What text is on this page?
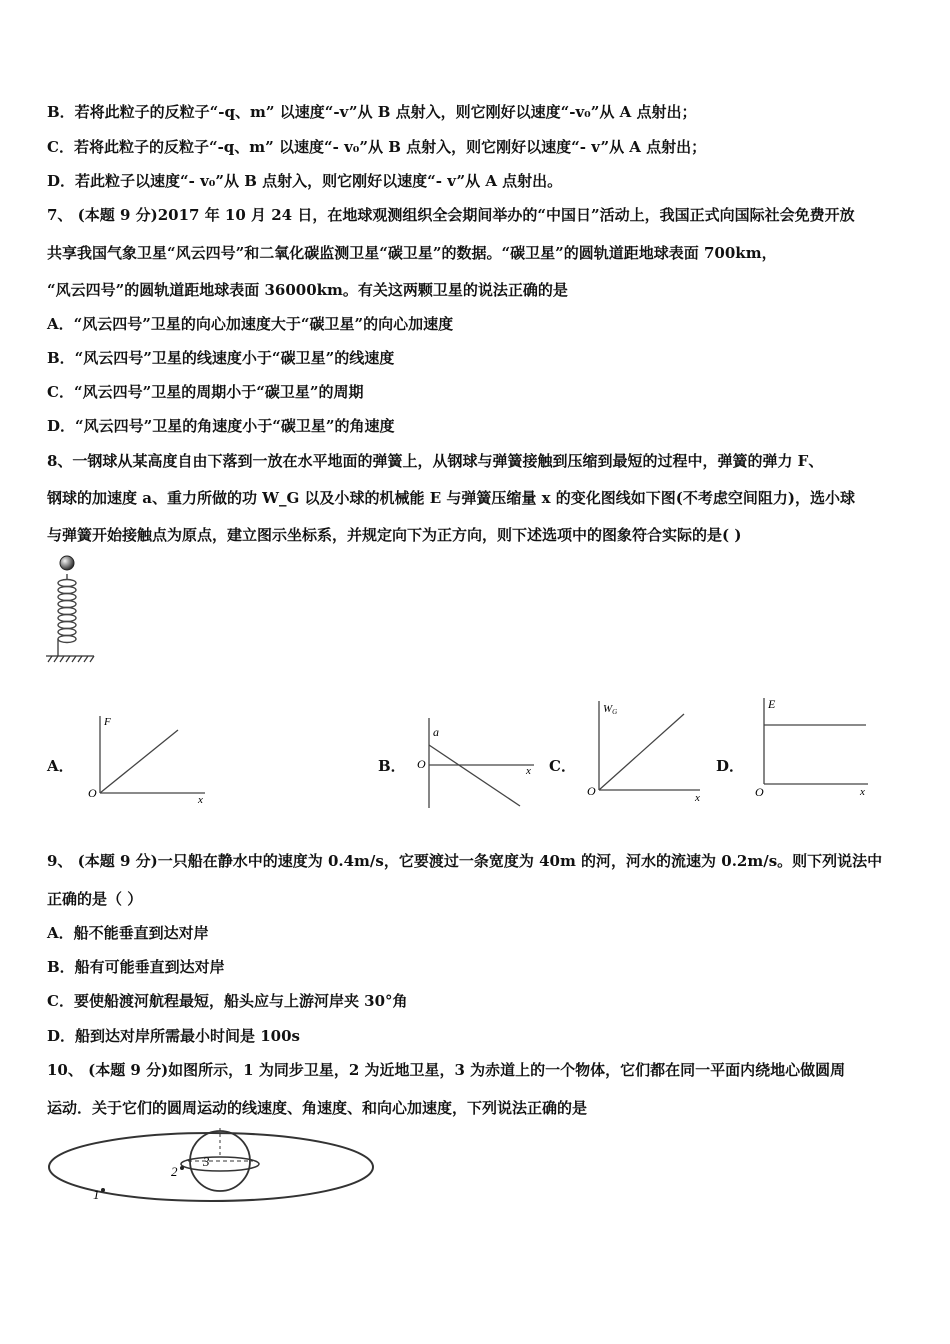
B．若将此粒子的反粒子“-q、m” 以速度“-v”从 B 点射入，则它刚好以速度“-v₀”从 A 点射出；
C．若将此粒子的反粒子“-q、m” 以速度“- v₀”从 B 点射入，则它刚好以速度“- v”从 A 点射出；
D．若此粒子以速度“- v₀”从 B 点射入，则它刚好以速度“- v”从 A 点射出。
7、 (本题 9 分)2017 年 10 月 24 日，在地球观测组织全会期间举办的“中国日”活动上，我国正式向国际社会免费开放
共享我国气象卫星“风云四号”和二氧化碳监测卫星“碳卫星”的数据。“碳卫星”的圆轨道距地球表面 700km，
“风云四号”的圆轨道距地球表面 36000km。有关这两颗卫星的说法正确的是
A．“风云四号”卫星的向心加速度大于“碳卫星”的向心加速度
B．“风云四号”卫星的线速度小于“碳卫星”的线速度
C．“风云四号”卫星的周期小于“碳卫星”的周期
D．“风云四号”卫星的角速度小于“碳卫星”的角速度
8、一钢球从某高度自由下落到一放在水平地面的弹簧上，从钢球与弹簧接触到压缩到最短的过程中，弹簧的弹力 F、
钢球的加速度 a、重力所做的功 W_G 以及小球的机械能 E 与弹簧压缩量 x 的变化图线如下图(不考虑空间阻力)，选小球
与弹簧开始接触点为原点，建立图示坐标系，并规定向下为正方向，则下述选项中的图象符合实际的是( )
A．	B．	C．	D．
O
F
x
O
a
x
O
WG
x	O
E
x
9、 (本题 9 分)一只船在静水中的速度为 0.4m/s，它要渡过一条宽度为 40m 的河，河水的流速为 0.2m/s。则下列说法中
正确的是（ ）
A．船不能垂直到达对岸
B．船有可能垂直到达对岸
C．要使船渡河航程最短，船头应与上游河岸夹 30°角
D．船到达对岸所需最小时间是 100s
10、 (本题 9 分)如图所示，1 为同步卫星，2 为近地卫星，3 为赤道上的一个物体，它们都在同一平面内绕地心做圆周
运动．关于它们的圆周运动的线速度、角速度、和向心加速度，下列说法正确的是
1
2
3
